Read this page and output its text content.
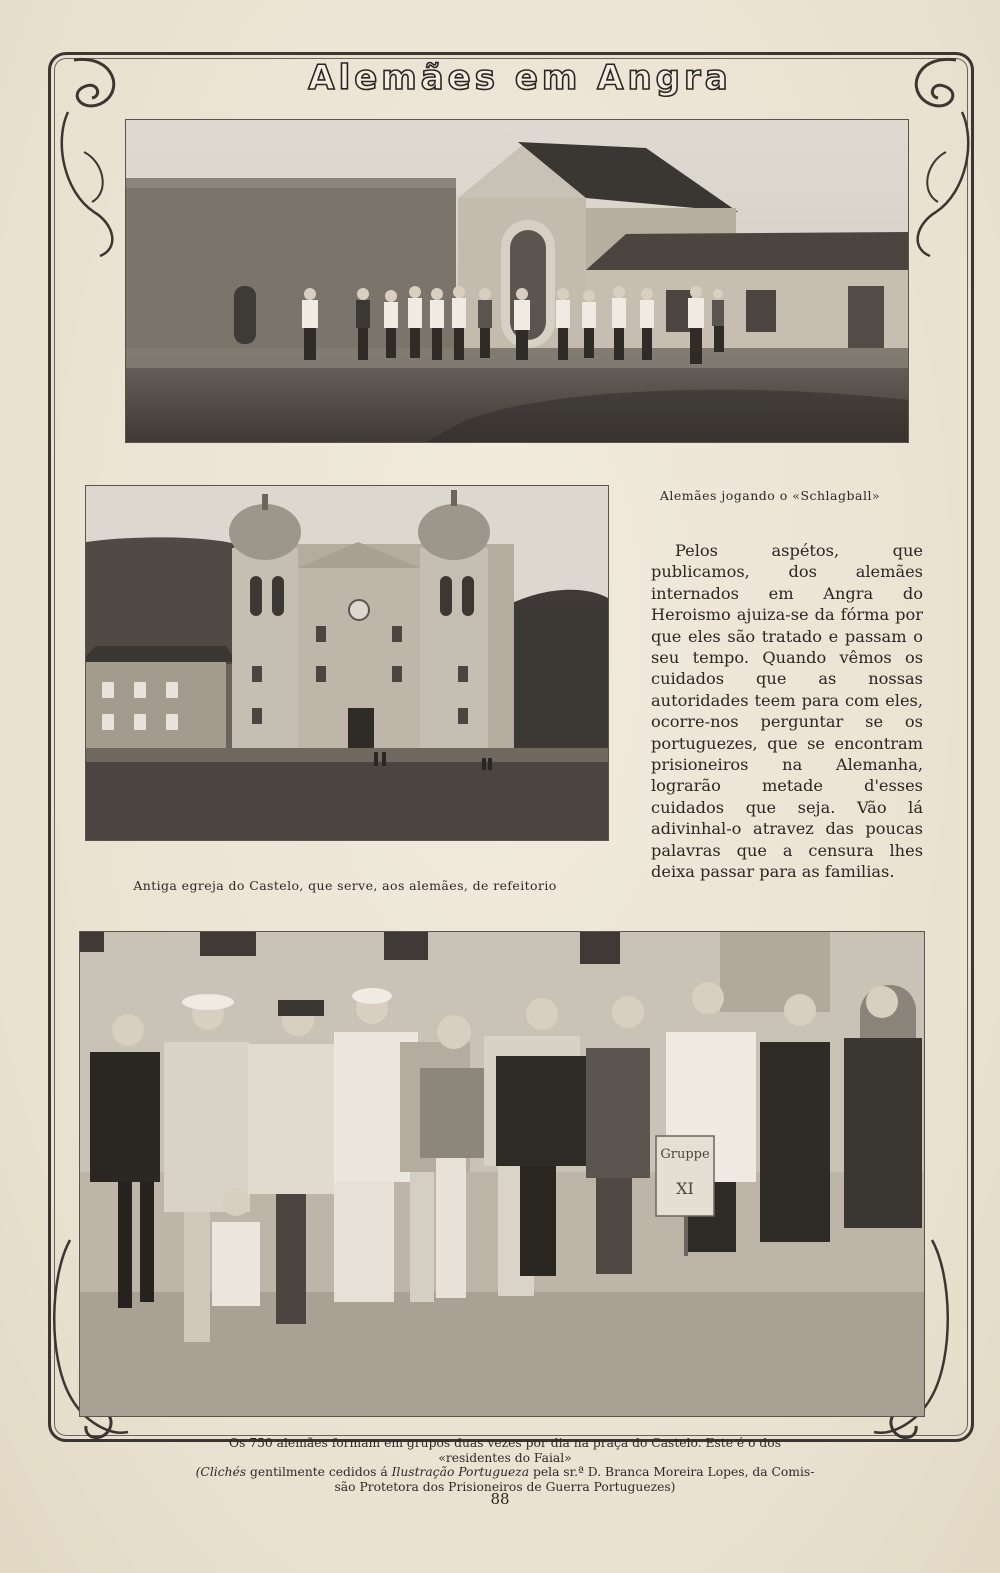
Alemães em Angra
Gruppe
XI
Alemães jogando o «Schlagball»
Pelos aspétos, que publicamos, dos alemães internados em Angra do Heroismo ajuiza-se da fórma por que eles são tratado e passam o seu tempo. Quando vêmos os cuidados que as nossas autoridades teem para com eles, ocorre-nos perguntar se os portuguezes, que se encontram prisioneiros na Alemanha, lograrão metade d'esses cuidados que seja. Vão lá adivinhal-o atravez das poucas palavras que a censura lhes deixa passar para as familias.
Antiga egreja do Castelo, que serve, aos alemães, de refeitorio
Os 750 alemães formam em grupos duas vezes por dia na praça do Castelo. Este é o dos
«residentes do Faial»
(Clichés gentilmente cedidos á Ilustração Portugueza pela sr.ª D. Branca Moreira Lopes, da Comis-
são Protetora dos Prisioneiros de Guerra Portuguezes)
88
